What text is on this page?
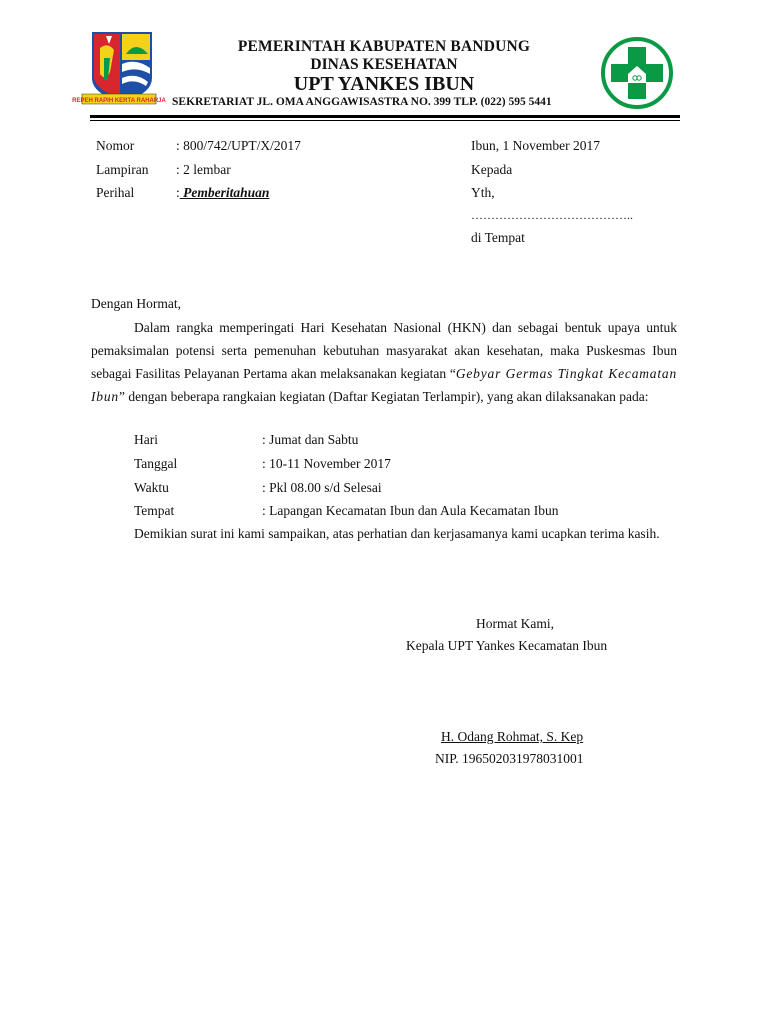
REPEH RAPIH KERTA RAHARJA
PEMERINTAH KABUPATEN BANDUNG
DINAS KESEHATAN
UPT YANKES IBUN
SEKRETARIAT JL. OMA ANGGAWISASTRA NO. 399 TLP. (022) 595 5441
Nomor	: 800/742/UPT/X/2017
Lampiran : 2 lembar
Perihal	: Pemberitahuan
Ibun, 1 November 2017
Kepada
Yth,
…………………………………..
di Tempat
Dengan Hormat,
Dalam rangka memperingati Hari Kesehatan Nasional (HKN) dan sebagai bentuk upaya untuk pemaksimalan potensi serta pemenuhan kebutuhan masyarakat akan kesehatan, maka Puskesmas Ibun sebagai Fasilitas Pelayanan Pertama akan melaksanakan kegiatan “Gebyar Germas Tingkat Kecamatan Ibun” dengan beberapa rangkaian kegiatan (Daftar Kegiatan Terlampir), yang akan dilaksanakan pada:
Hari	: Jumat dan Sabtu
Tanggal	: 10-11 November 2017
Waktu	: Pkl 08.00 s/d Selesai
Tempat	: Lapangan Kecamatan Ibun dan Aula Kecamatan Ibun
Demikian surat ini kami sampaikan, atas perhatian dan kerjasamanya kami ucapkan terima kasih.
Hormat Kami,
Kepala UPT Yankes Kecamatan Ibun
H. Odang Rohmat, S. Kep
NIP. 196502031978031001
